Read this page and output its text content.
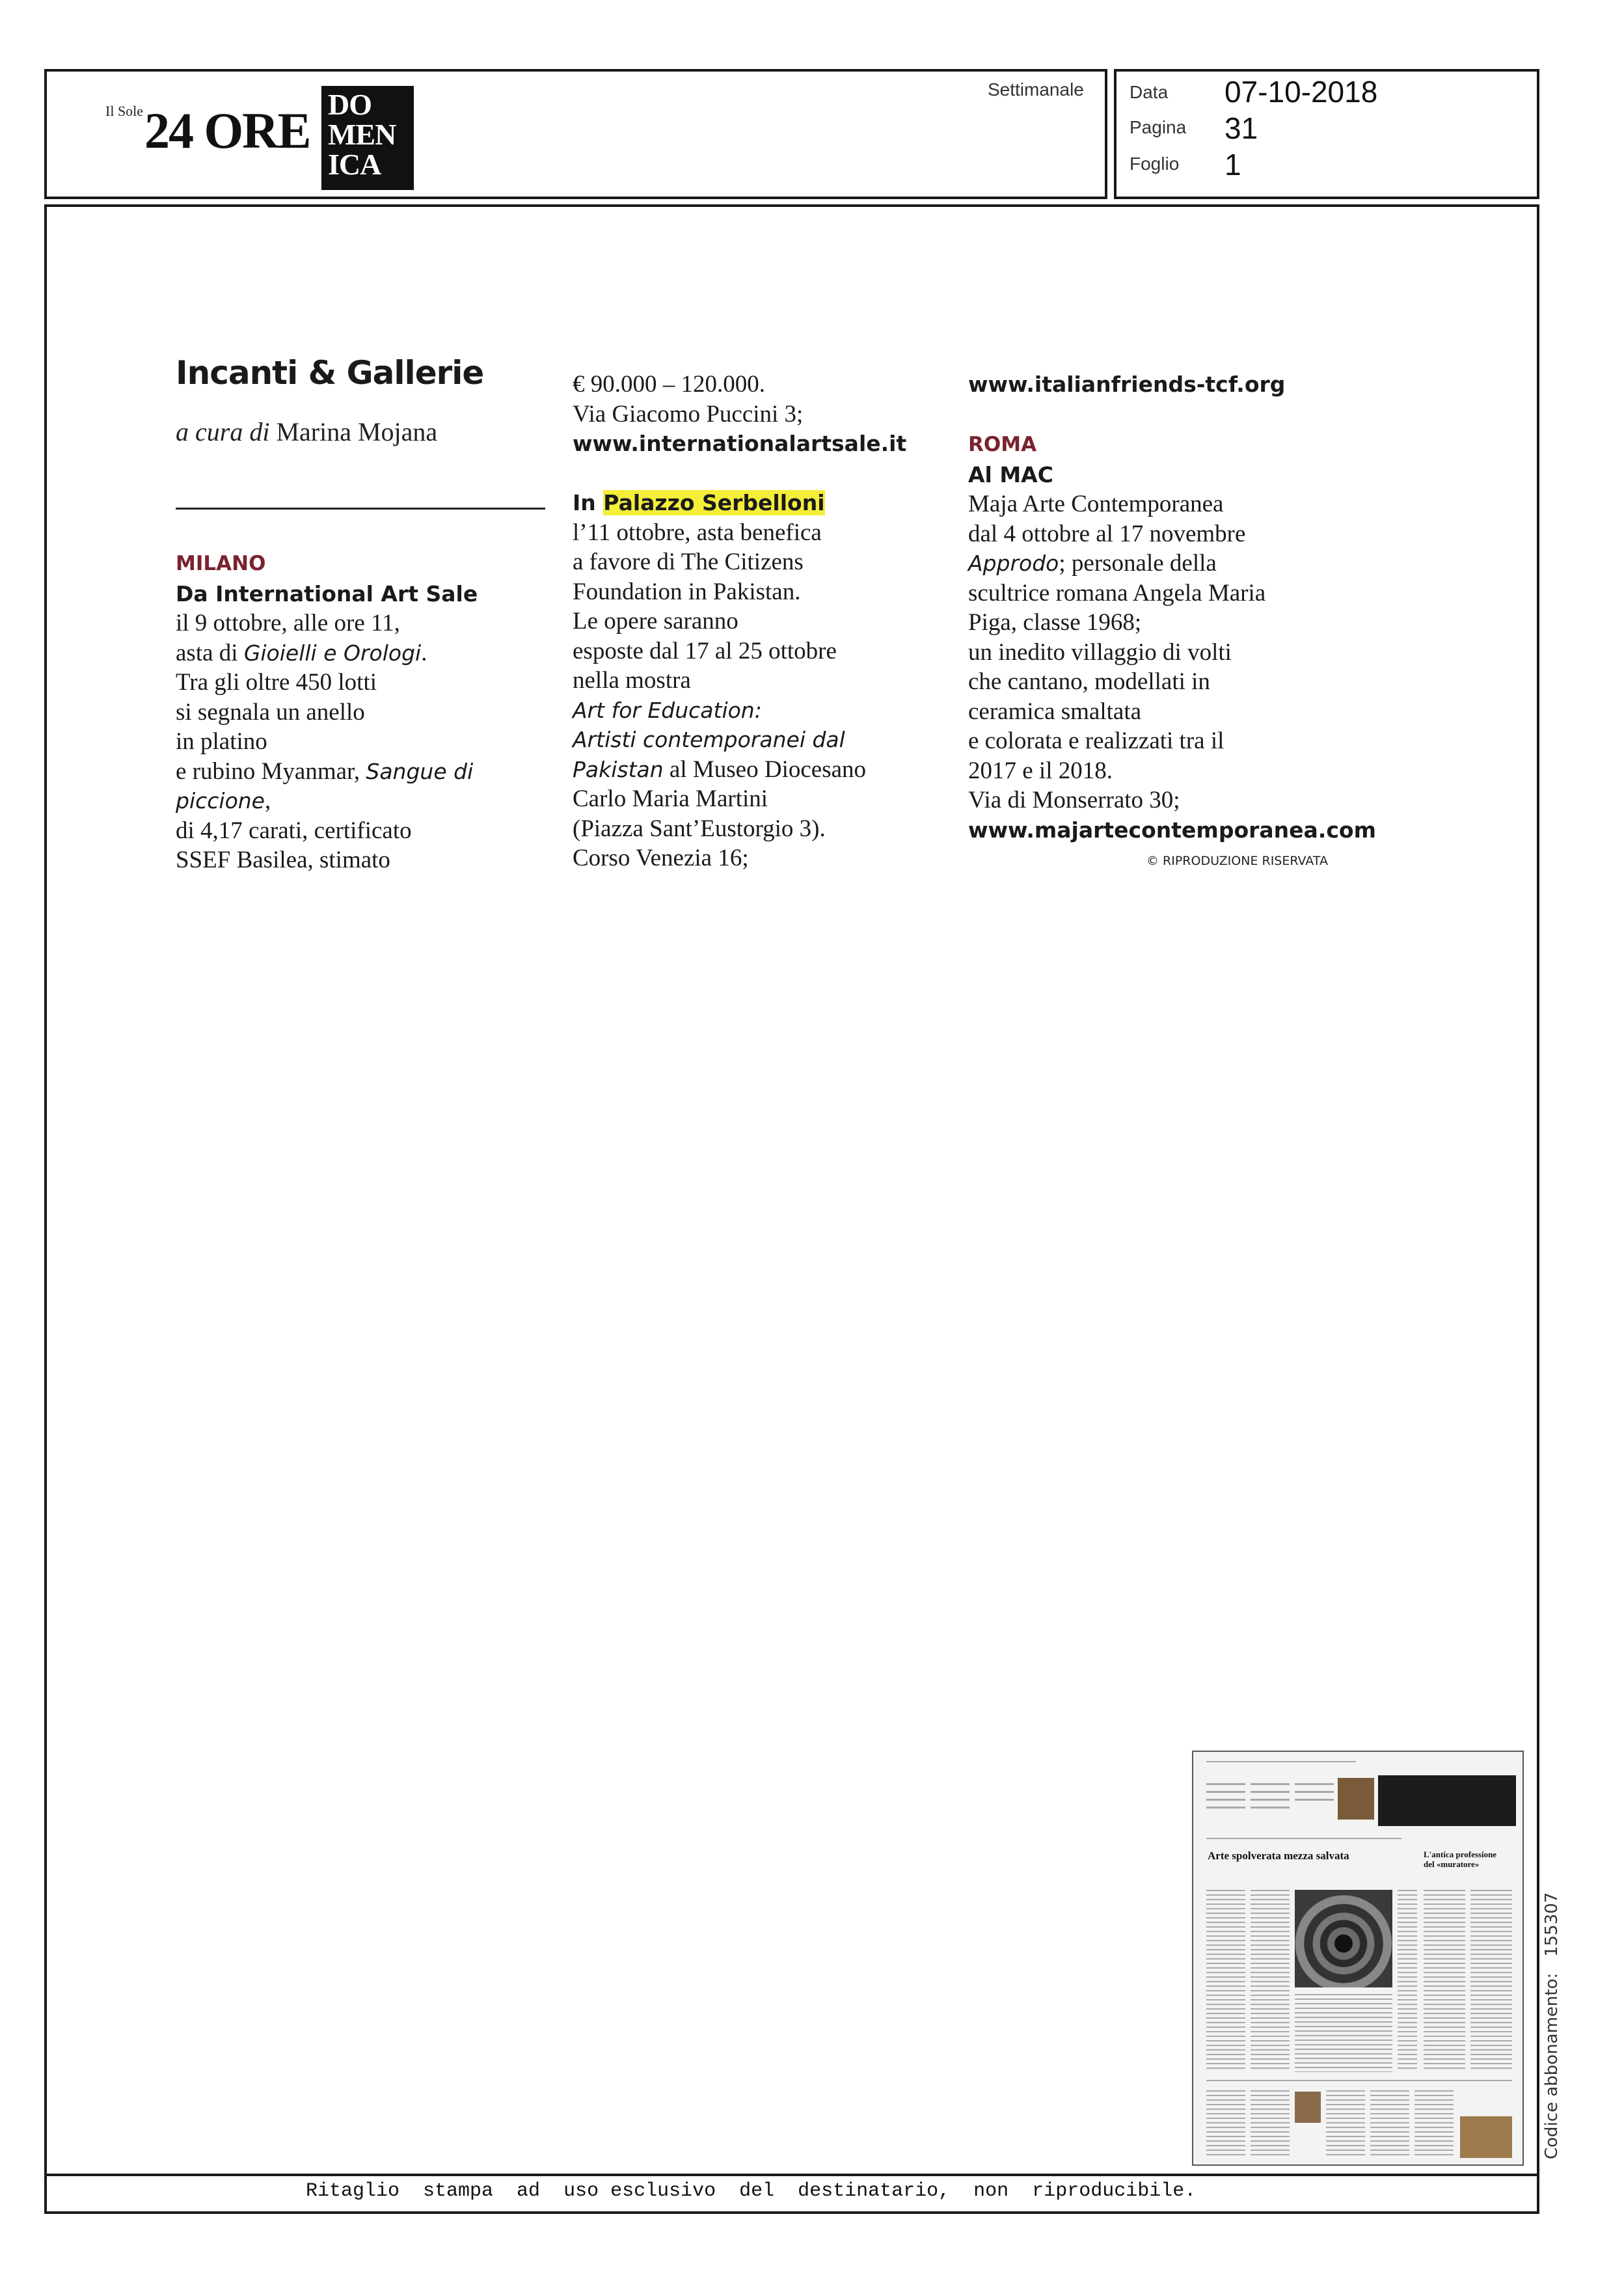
Il Sole 24 ORE DO
MEN
ICA
Settimanale	Data 07-10-2018
Pagina 31
Foglio 1
Incanti & Gallerie
a cura di Marina Mojana

MILANO

Da International Art Sale

il 9 ottobre, alle ore 11,

asta di Gioielli e Orologi.

Tra gli oltre 450 lotti

si segnala un anello

in platino

e rubino Myanmar, Sangue di

piccione,

di 4,17 carati, certificato

SSEF Basilea, stimato

€ 90.000 – 120.000.

Via Giacomo Puccini 3;

www.internationalartsale.it

In Palazzo Serbelloni

l’11 ottobre, asta benefica

a favore di The Citizens

Foundation in Pakistan.

Le opere saranno

esposte dal 17 al 25 ottobre

nella mostra

Art for Education:

Artisti contemporanei dal

Pakistan al Museo Diocesano

Carlo Maria Martini

(Piazza Sant’Eustorgio 3).

Corso Venezia 16;

www.italianfriends-tcf.org

ROMA

Al MAC

Maja Arte Contemporanea

dal 4 ottobre al 17 novembre

Approdo; personale della

scultrice romana Angela Maria

Piga, classe 1968;

un inedito villaggio di volti

che cantano, modellati in

ceramica smaltata

e colorata e realizzati tra il

2017 e il 2018.

Via di Monserrato 30;

www.majartecontemporanea.com

© RIPRODUZIONE RISERVATA
Arte spolverata mezza salvata	L'antica professione
del «muratore»
Ritaglio  stampa  ad  uso esclusivo  del  destinatario,  non  riproducibile.
Codice abbonamento:   155307
